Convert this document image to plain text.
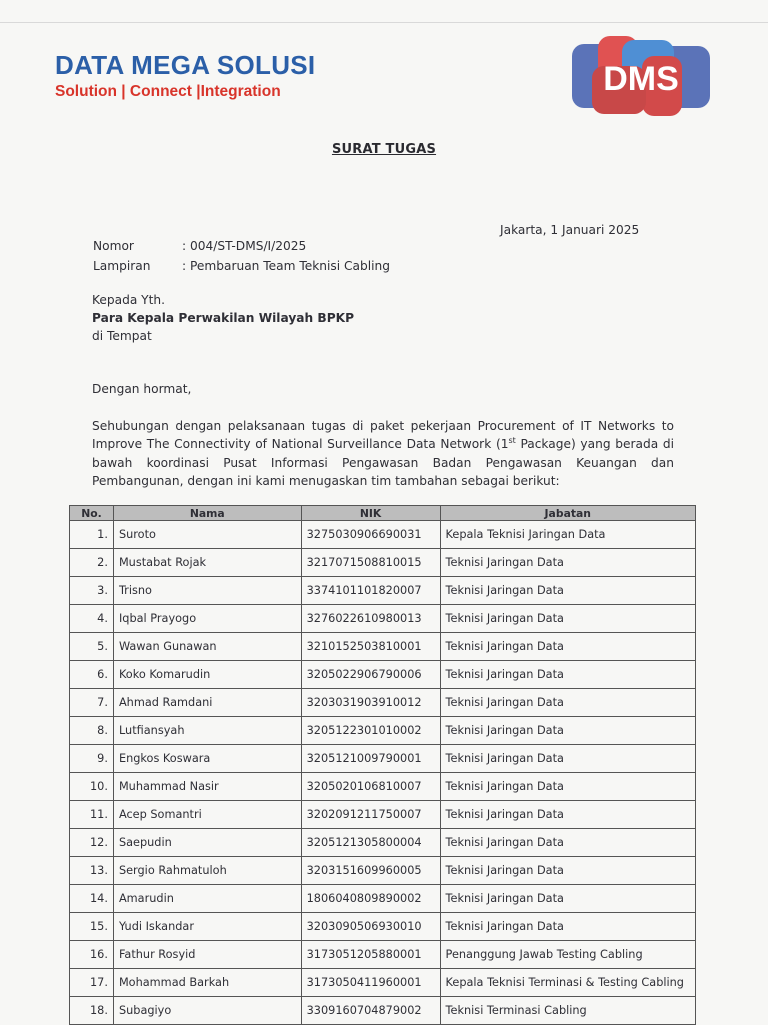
DATA MEGA SOLUSI
Solution | Connect |Integration	DMS
SURAT TUGAS
Jakarta, 1 Januari 2025
Nomor	: 004/ST-DMS/I/2025
Lampiran	: Pembaruan Team Teknisi Cabling
Kepada Yth.
Para Kepala Perwakilan Wilayah BPKP
di Tempat
Dengan hormat,
Sehubungan dengan pelaksanaan tugas di paket pekerjaan Procurement of IT Networks to Improve The Connectivity of National Surveillance Data Network (1st Package) yang berada di bawah koordinasi Pusat Informasi Pengawasan Badan Pengawasan Keuangan dan Pembangunan, dengan ini kami menugaskan tim tambahan sebagai berikut:
No.	Nama	NIK	Jabatan
1.	Suroto	3275030906690031	Kepala Teknisi Jaringan Data
2.	Mustabat Rojak	3217071508810015	Teknisi Jaringan Data
3.	Trisno	3374101101820007	Teknisi Jaringan Data
4.	Iqbal Prayogo	3276022610980013	Teknisi Jaringan Data
5.	Wawan Gunawan	3210152503810001	Teknisi Jaringan Data
6.	Koko Komarudin	3205022906790006	Teknisi Jaringan Data
7.	Ahmad Ramdani	3203031903910012	Teknisi Jaringan Data
8.	Lutfiansyah	3205122301010002	Teknisi Jaringan Data
9.	Engkos Koswara	3205121009790001	Teknisi Jaringan Data
10.	Muhammad Nasir	3205020106810007	Teknisi Jaringan Data
11.	Acep Somantri	3202091211750007	Teknisi Jaringan Data
12.	Saepudin	3205121305800004	Teknisi Jaringan Data
13.	Sergio Rahmatuloh	3203151609960005	Teknisi Jaringan Data
14.	Amarudin	1806040809890002	Teknisi Jaringan Data
15.	Yudi Iskandar	3203090506930010	Teknisi Jaringan Data
16.	Fathur Rosyid	3173051205880001	Penanggung Jawab Testing Cabling
17.	Mohammad Barkah	3173050411960001	Kepala Teknisi Terminasi & Testing Cabling
18.	Subagiyo	3309160704879002	Teknisi Terminasi Cabling
